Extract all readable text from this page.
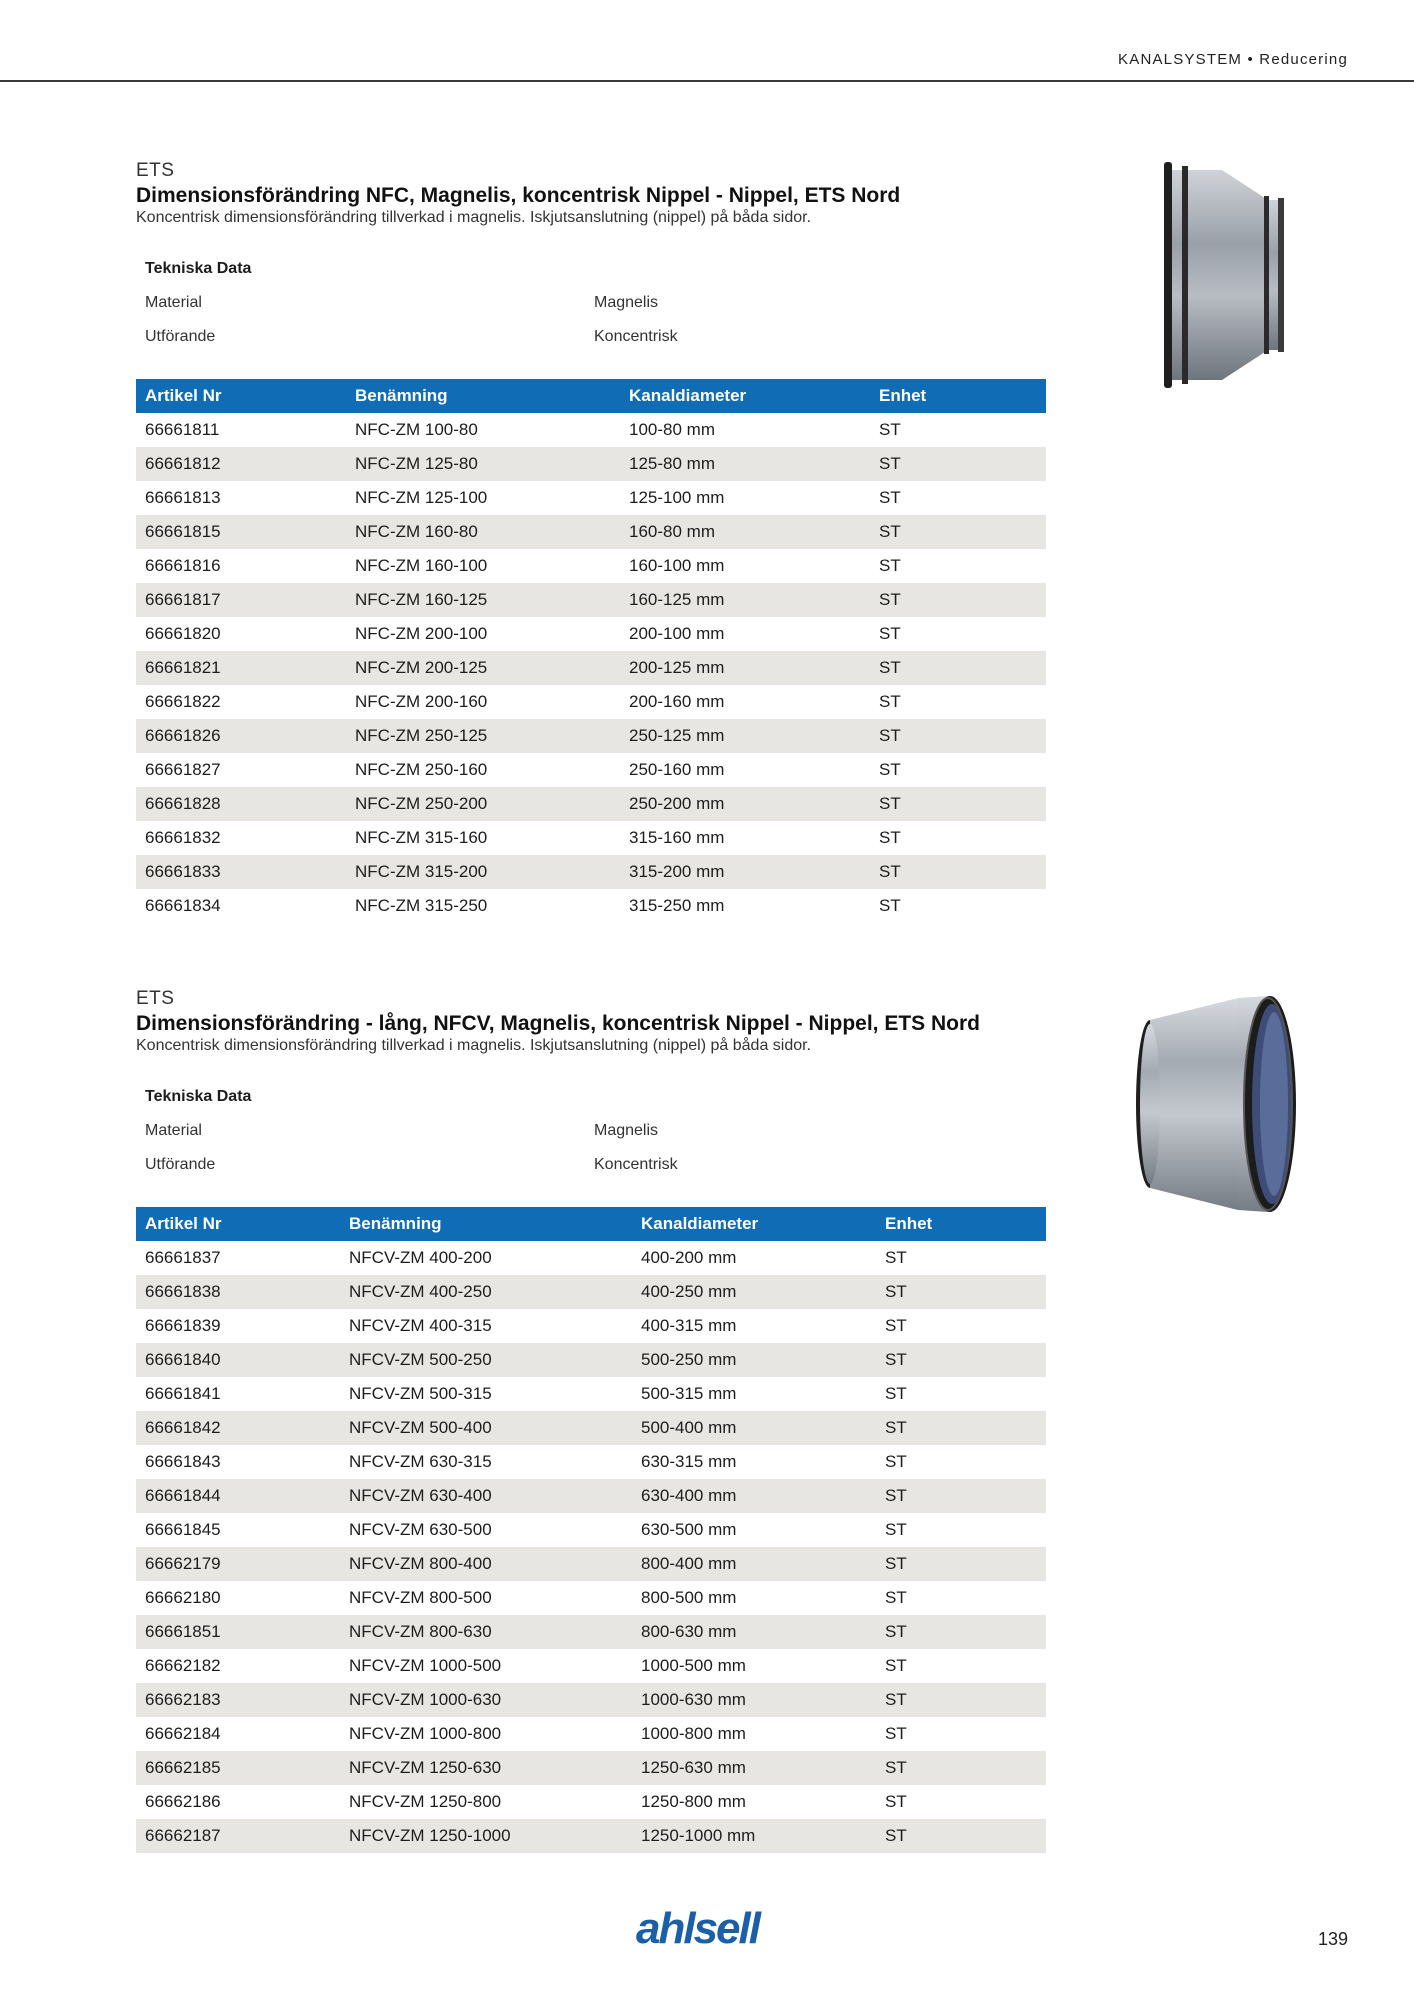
KANALSYSTEM • Reducering
ETS
Dimensionsförändring NFC, Magnelis, koncentrisk Nippel - Nippel, ETS Nord
Koncentrisk dimensionsförändring tillverkad i magnelis. Iskjutsanslutning (nippel) på båda sidor.
Tekniska Data
Material	Magnelis
Utförande	Koncentrisk
Artikel Nr	Benämning	Kanaldiameter	Enhet
66661811	NFC-ZM 100-80	100-80 mm	ST
66661812	NFC-ZM 125-80	125-80 mm	ST
66661813	NFC-ZM 125-100	125-100 mm	ST
66661815	NFC-ZM 160-80	160-80 mm	ST
66661816	NFC-ZM 160-100	160-100 mm	ST
66661817	NFC-ZM 160-125	160-125 mm	ST
66661820	NFC-ZM 200-100	200-100 mm	ST
66661821	NFC-ZM 200-125	200-125 mm	ST
66661822	NFC-ZM 200-160	200-160 mm	ST
66661826	NFC-ZM 250-125	250-125 mm	ST
66661827	NFC-ZM 250-160	250-160 mm	ST
66661828	NFC-ZM 250-200	250-200 mm	ST
66661832	NFC-ZM 315-160	315-160 mm	ST
66661833	NFC-ZM 315-200	315-200 mm	ST
66661834	NFC-ZM 315-250	315-250 mm	ST
ETS
Dimensionsförändring - lång, NFCV, Magnelis, koncentrisk Nippel - Nippel, ETS Nord
Koncentrisk dimensionsförändring tillverkad i magnelis. Iskjutsanslutning (nippel) på båda sidor.
Tekniska Data
Material	Magnelis
Utförande	Koncentrisk
Artikel Nr	Benämning	Kanaldiameter	Enhet
66661837	NFCV-ZM 400-200	400-200 mm	ST
66661838	NFCV-ZM 400-250	400-250 mm	ST
66661839	NFCV-ZM 400-315	400-315 mm	ST
66661840	NFCV-ZM 500-250	500-250 mm	ST
66661841	NFCV-ZM 500-315	500-315 mm	ST
66661842	NFCV-ZM 500-400	500-400 mm	ST
66661843	NFCV-ZM 630-315	630-315 mm	ST
66661844	NFCV-ZM 630-400	630-400 mm	ST
66661845	NFCV-ZM 630-500	630-500 mm	ST
66662179	NFCV-ZM 800-400	800-400 mm	ST
66662180	NFCV-ZM 800-500	800-500 mm	ST
66661851	NFCV-ZM 800-630	800-630 mm	ST
66662182	NFCV-ZM 1000-500	1000-500 mm	ST
66662183	NFCV-ZM 1000-630	1000-630 mm	ST
66662184	NFCV-ZM 1000-800	1000-800 mm	ST
66662185	NFCV-ZM 1250-630	1250-630 mm	ST
66662186	NFCV-ZM 1250-800	1250-800 mm	ST
66662187	NFCV-ZM 1250-1000	1250-1000 mm	ST
ahlsell	139
